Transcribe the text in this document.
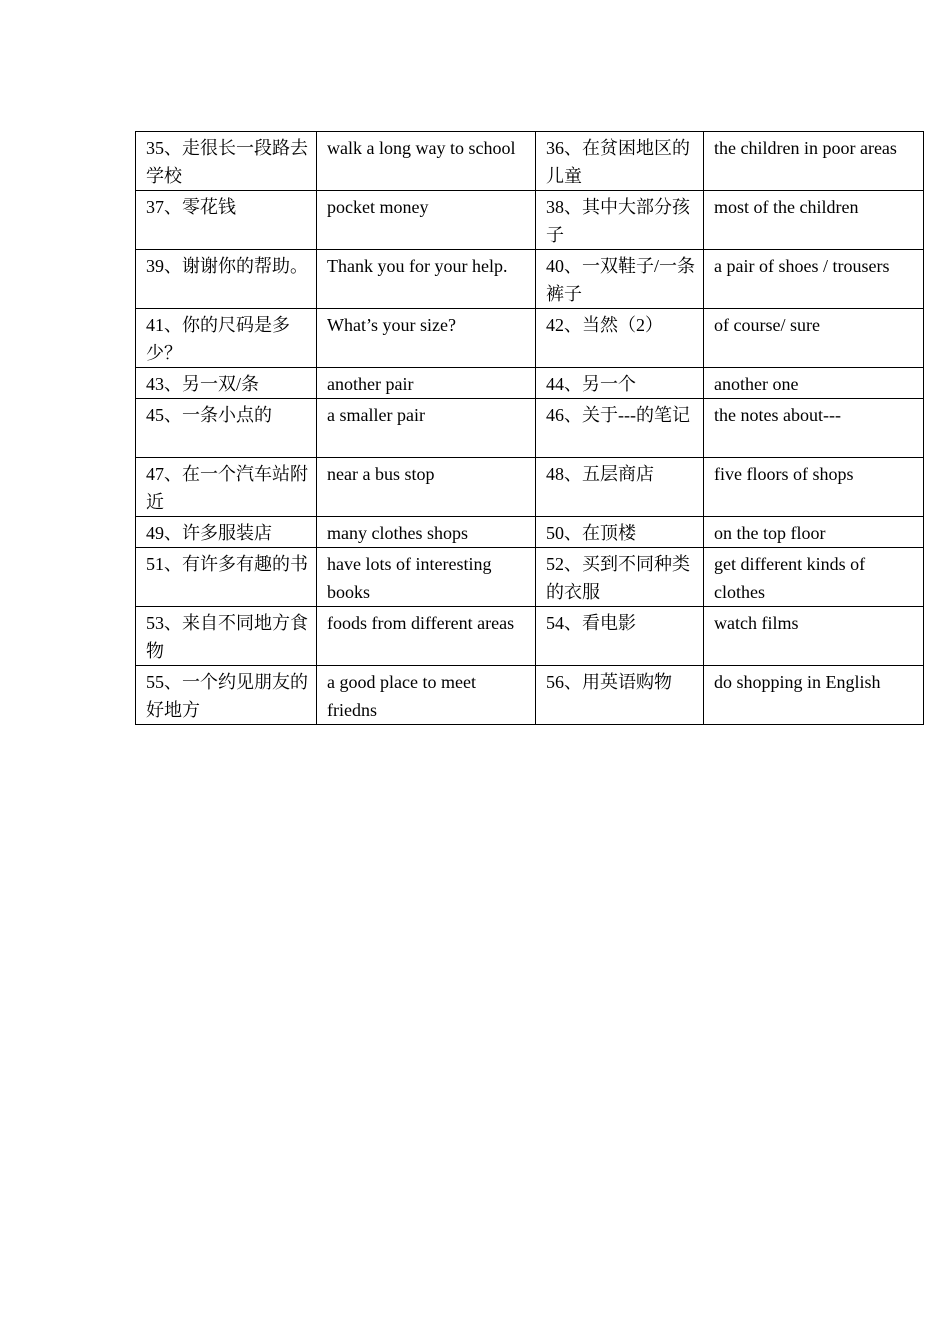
35、走很长一段路去学校	walk a long way to school	36、在贫困地区的儿童	the children in poor areas
37、零花钱	pocket money	38、其中大部分孩子	most of the children
39、谢谢你的帮助。	Thank you for your help.	40、一双鞋子/一条裤子	a pair of shoes / trousers
41、你的尺码是多少？	What’s your size?	42、当然（2）	of course/ sure
43、另一双/条	another pair	44、另一个	another one
45、一条小点的	a smaller pair	46、关于---的笔记	the notes about---
47、在一个汽车站附近	near a bus stop	48、五层商店	five floors of shops
49、许多服装店	many clothes shops	50、在顶楼	on the top floor
51、有许多有趣的书	have lots of interesting books	52、买到不同种类的衣服	get different kinds of clothes
53、来自不同地方食物	foods from different areas	54、看电影	watch films
55、一个约见朋友的好地方	a good place to meet friedns	56、用英语购物	do shopping in English
